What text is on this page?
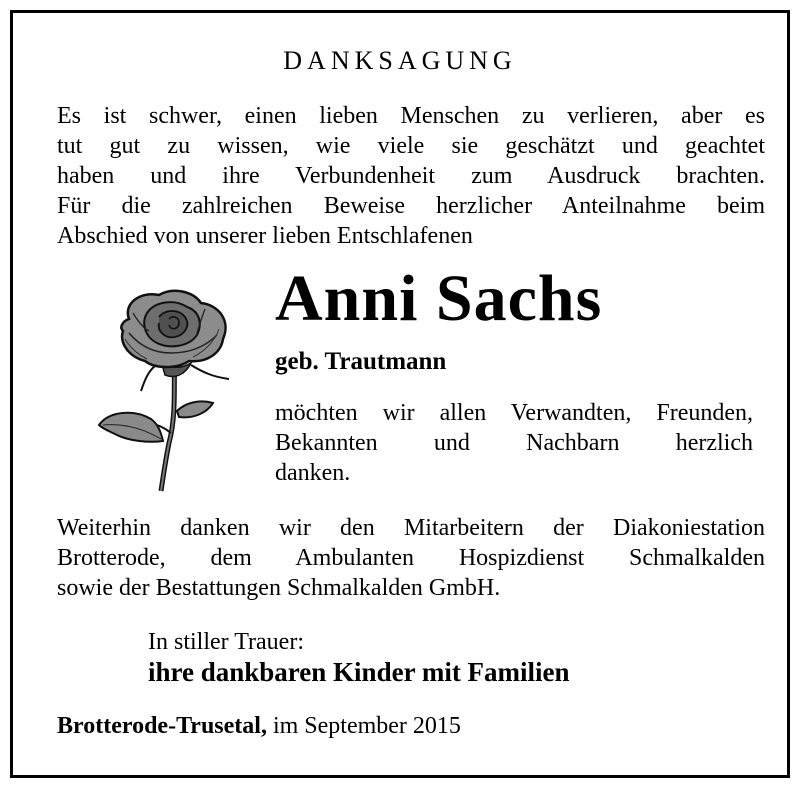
DANKSAGUNG
Es ist schwer, einen lieben Menschen zu verlieren, aber es
tut gut zu wissen, wie viele sie geschätzt und geachtet
haben und ihre Verbundenheit zum Ausdruck brachten.
Für die zahlreichen Beweise herzlicher Anteilnahme beim
Abschied von unserer lieben Entschlafenen
Anni Sachs
geb. Trautmann
möchten wir allen Verwandten, Freunden,
Bekannten und Nachbarn herzlich
danken.
Weiterhin danken wir den Mitarbeitern der Diakoniestation
Brotterode, dem Ambulanten Hospizdienst Schmalkalden
sowie der Bestattungen Schmalkalden GmbH.
In stiller Trauer:
ihre dankbaren Kinder mit Familien
Brotterode-Trusetal, im September 2015
